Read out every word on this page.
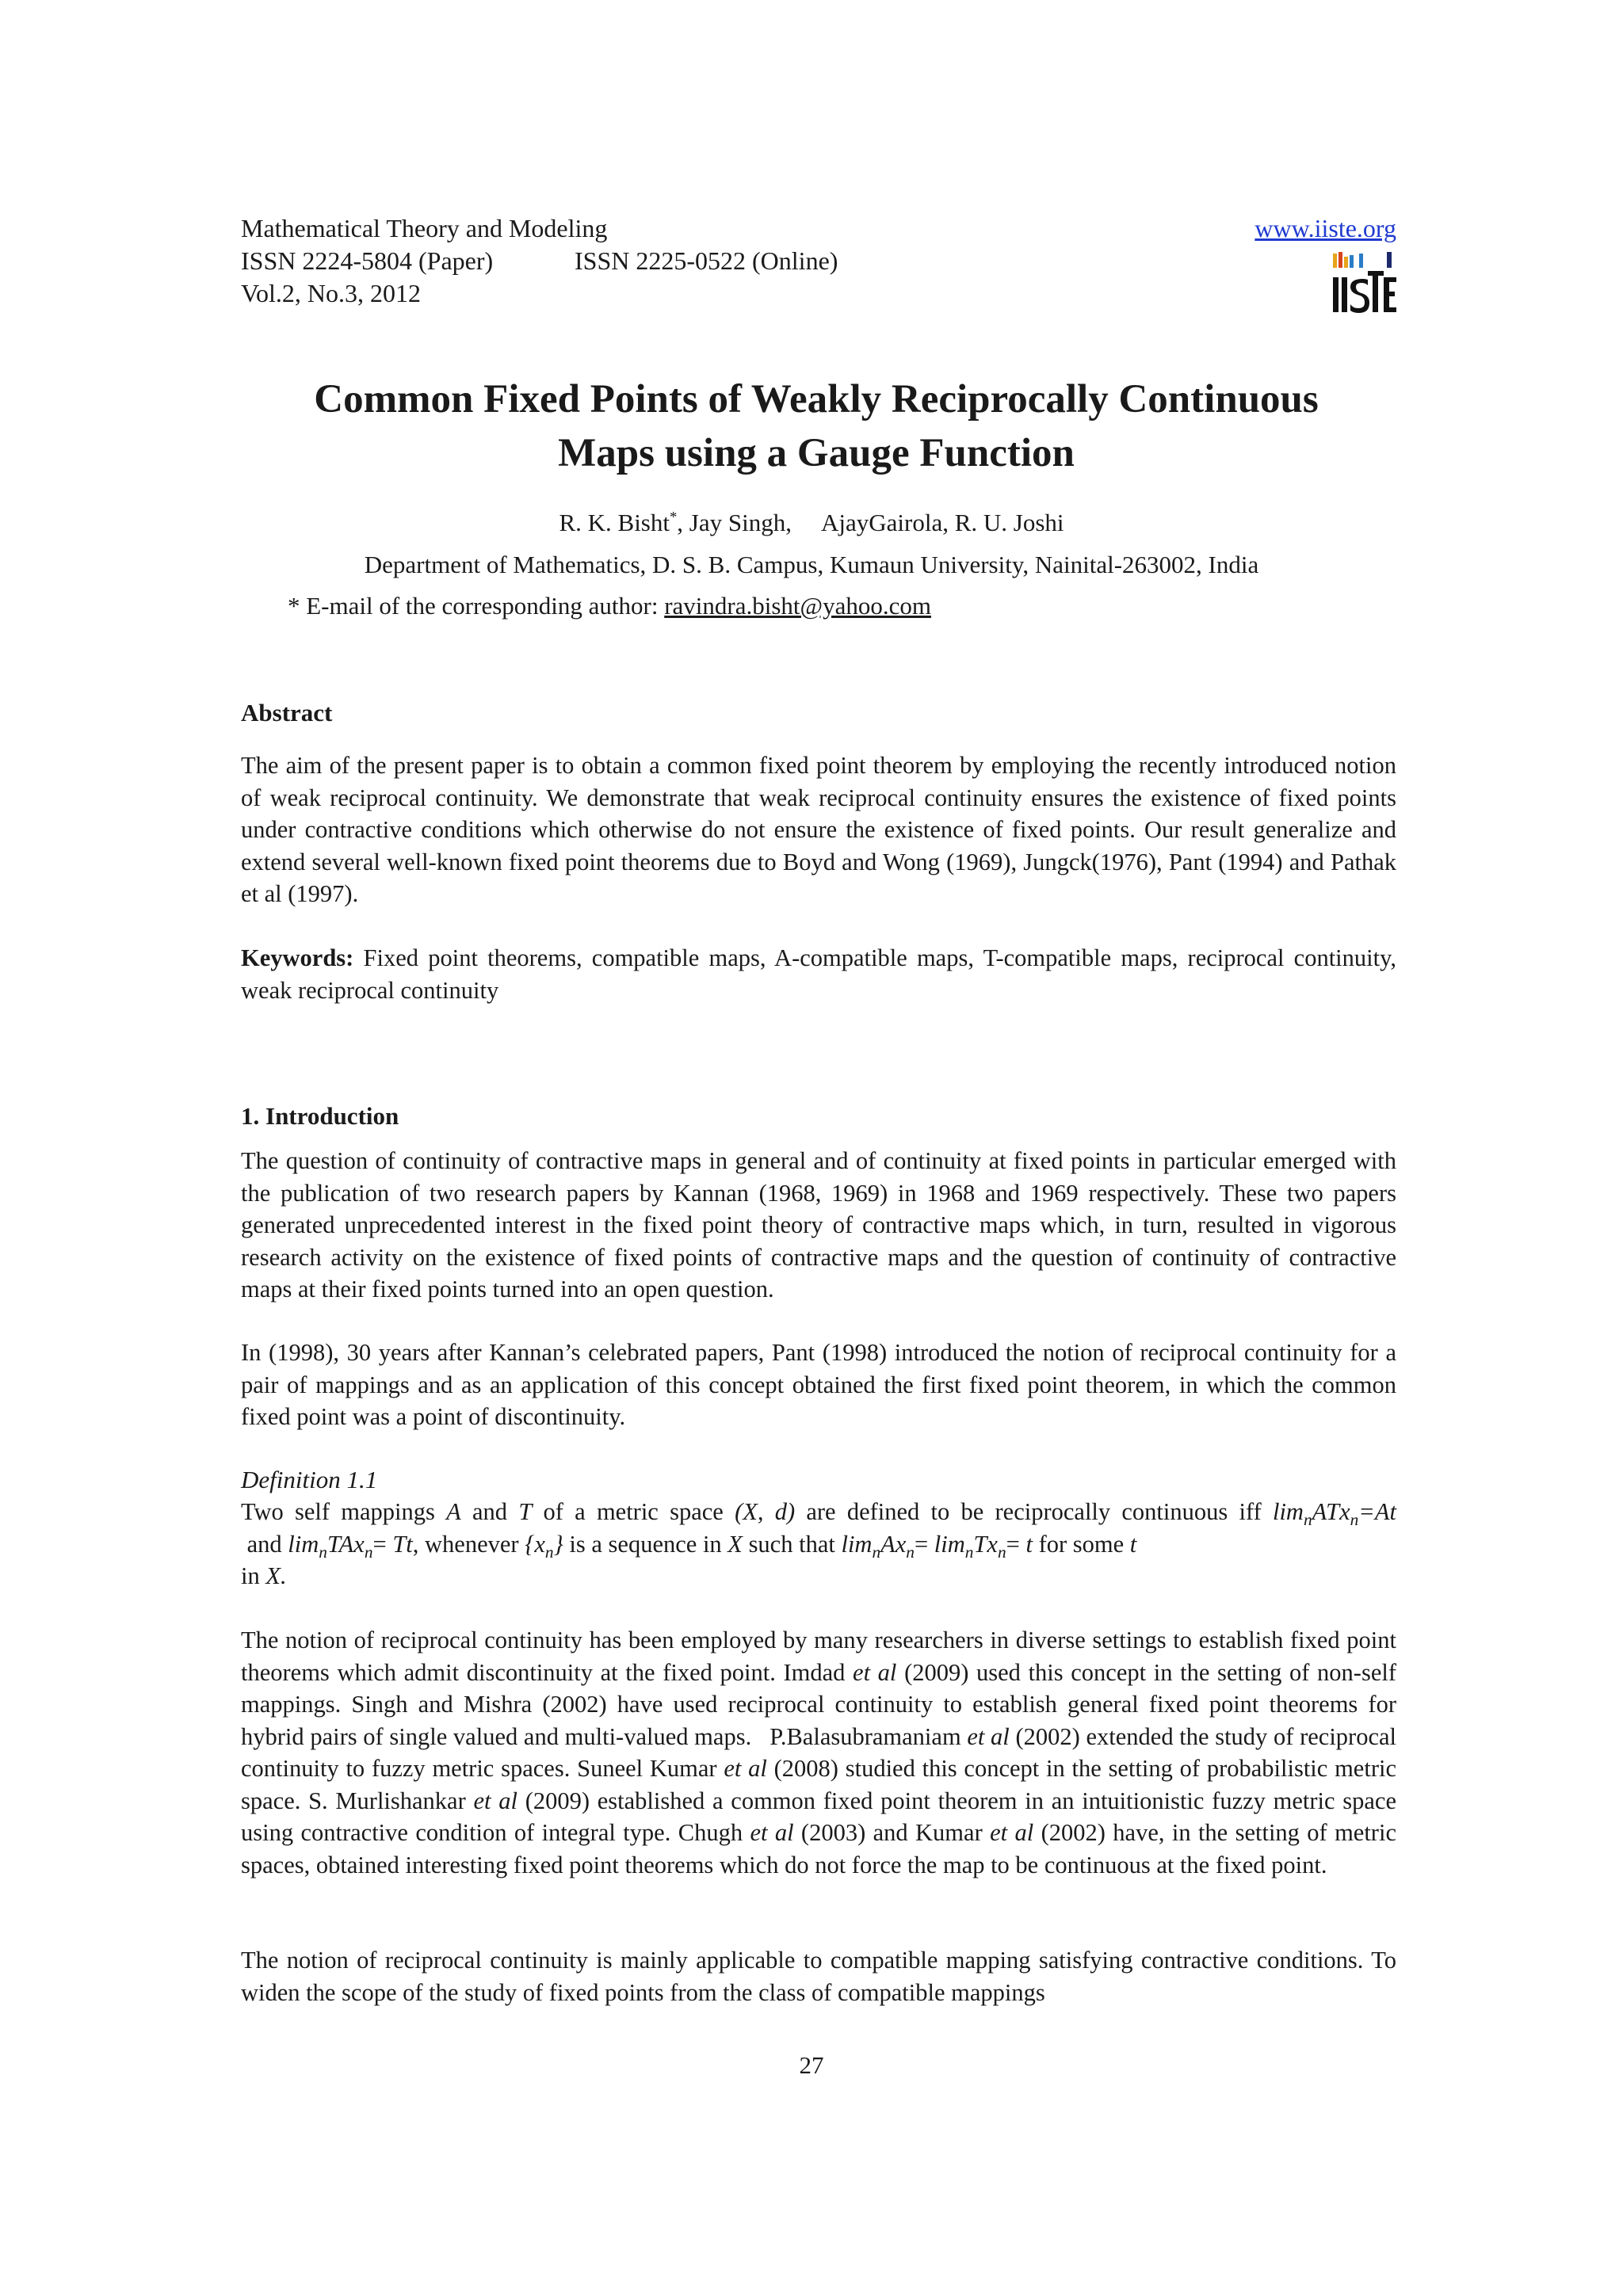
Mathematical Theory and Modeling	www.iiste.org
ISSN 2224-5804 (Paper)	ISSN 2225-0522 (Online)
Vol.2, No.3, 2012
Common Fixed Points of Weakly Reciprocally Continuous
Maps using a Gauge Function
R. K. Bisht*, Jay Singh,     AjayGairola, R. U. Joshi
Department of Mathematics, D. S. B. Campus, Kumaun University, Nainital-263002, India
* E-mail of the corresponding author: ravindra.bisht@yahoo.com
Abstract
The aim of the present paper is to obtain a common fixed point theorem by employing the recently introduced notion of weak reciprocal continuity. We demonstrate that weak reciprocal continuity ensures the existence of fixed points under contractive conditions which otherwise do not ensure the existence of fixed points. Our result generalize and extend several well-known fixed point theorems due to Boyd and Wong (1969), Jungck(1976), Pant (1994) and Pathak et al (1997).
Keywords: Fixed point theorems, compatible maps, A-compatible maps, T-compatible maps, reciprocal continuity, weak reciprocal continuity
1. Introduction
The question of continuity of contractive maps in general and of continuity at fixed points in particular emerged with the publication of two research papers by Kannan (1968, 1969) in 1968 and 1969 respectively. These two papers generated unprecedented interest in the fixed point theory of contractive maps which, in turn, resulted in vigorous research activity on the existence of fixed points of contractive maps and the question of continuity of contractive maps at their fixed points turned into an open question.
In (1998), 30 years after Kannan’s celebrated papers, Pant (1998) introduced the notion of reciprocal continuity for a pair of mappings and as an application of this concept obtained the first fixed point theorem, in which the common fixed point was a point of discontinuity.
Definition 1.1
Two self mappings A and T of a metric space (X, d) are defined to be reciprocally continuous iff $\lim_nATx_n=At$ and $\lim_nTAx_n= Tt$, whenever $\{x_n\}$ is a sequence in X such that $\lim_nAx_n= \lim_nTx_n= t$ for some t
in X.
The notion of reciprocal continuity has been employed by many researchers in diverse settings to establish fixed point theorems which admit discontinuity at the fixed point. Imdad et al (2009) used this concept in the setting of non-self mappings. Singh and Mishra (2002) have used reciprocal continuity to establish general fixed point theorems for hybrid pairs of single valued and multi-valued maps.   P.Balasubramaniam et al (2002) extended the study of reciprocal continuity to fuzzy metric spaces. Suneel Kumar et al (2008) studied this concept in the setting of probabilistic metric space. S. Murlishankar et al (2009) established a common fixed point theorem in an intuitionistic fuzzy metric space using contractive condition of integral type. Chugh et al (2003) and Kumar et al (2002) have, in the setting of metric spaces, obtained interesting fixed point theorems which do not force the map to be continuous at the fixed point.
The notion of reciprocal continuity is mainly applicable to compatible mapping satisfying contractive conditions. To widen the scope of the study of fixed points from the class of compatible mappings
27
